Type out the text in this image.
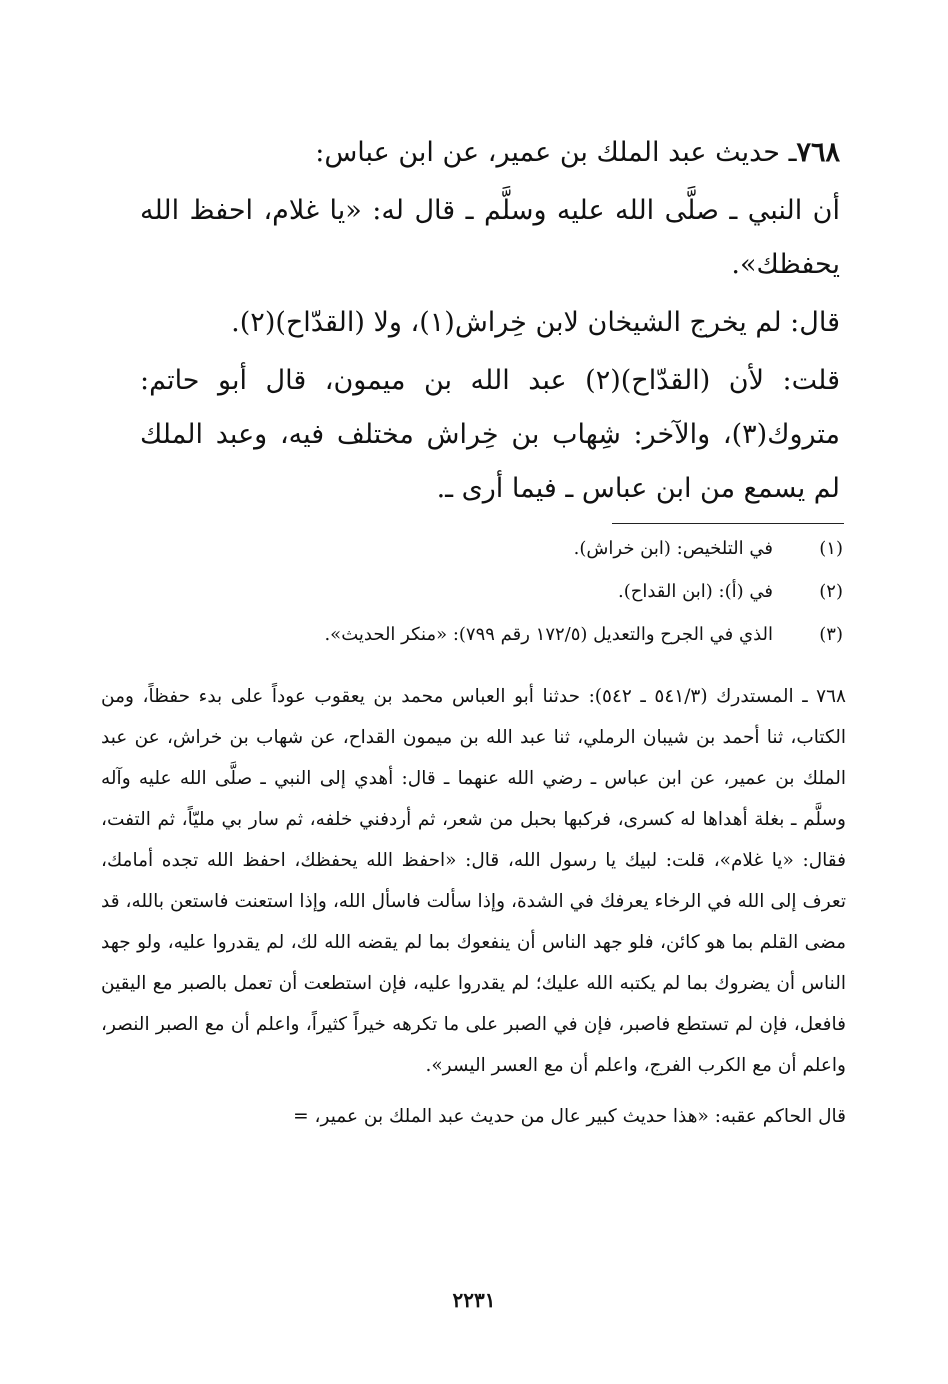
٧٦٨ـ حديث عبد الملك بن عمير، عن ابن عباس:

أن النبي ـ صلَّى الله عليه وسلَّم ـ قال له: «يا غلام، احفظ الله يحفظك».

قال: لم يخرج الشيخان لابن خِراش(١)، ولا (القدّاح)(٢).

قلت: لأن (القدّاح)(٢) عبد الله بن ميمون، قال أبو حاتم: متروك(٣)، والآخر: شِهاب بن خِراش مختلف فيه، وعبد الملك لم يسمع من ابن عباس ـ فيما أرى ـ.

(١)
في التلخيص: (ابن خراش).
(٢)
في (أ): (ابن القداح).
(٣)
الذي في الجرح والتعديل (١٧٢/٥ رقم ٧٩٩): «منكر الحديث».

٧٦٨ ـ المستدرك (٥٤١/٣ ـ ٥٤٢): حدثنا أبو العباس محمد بن يعقوب عوداً على بدء حفظاً، ومن الكتاب، ثنا أحمد بن شيبان الرملي، ثنا عبد الله بن ميمون القداح، عن شهاب بن خراش، عن عبد الملك بن عمير، عن ابن عباس ـ رضي الله عنهما ـ قال: أهدي إلى النبي ـ صلَّى الله عليه وآله وسلَّم ـ بغلة أهداها له كسرى، فركبها بحبل من شعر، ثم أردفني خلفه، ثم سار بي مليّاً، ثم التفت، فقال: «يا غلام»، قلت: لبيك يا رسول الله، قال: «احفظ الله يحفظك، احفظ الله تجده أمامك، تعرف إلى الله في الرخاء يعرفك في الشدة، وإذا سألت فاسأل الله، وإذا استعنت فاستعن بالله، قد مضى القلم بما هو كائن، فلو جهد الناس أن ينفعوك بما لم يقضه الله لك، لم يقدروا عليه، ولو جهد الناس أن يضروك بما لم يكتبه الله عليك؛ لم يقدروا عليه، فإن استطعت أن تعمل بالصبر مع اليقين فافعل، فإن لم تستطع فاصبر، فإن في الصبر على ما تكرهه خيراً كثيراً، واعلم أن مع الصبر النصر، واعلم أن مع الكرب الفرج، واعلم أن مع العسر اليسر».

قال الحاكم عقبه: «هذا حديث كبير عال من حديث عبد الملك بن عمير، =

٢٢٣١
